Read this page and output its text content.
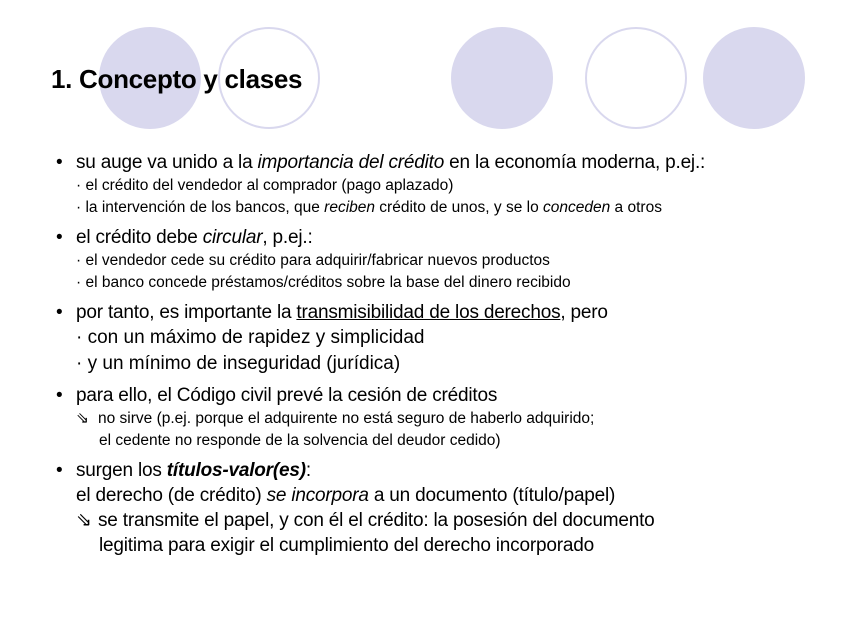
1. Concepto y clases
• su auge va unido a la importancia del crédito en la economía moderna, p.ej.:
· el crédito del vendedor al comprador (pago aplazado)
· la intervención de los bancos, que reciben crédito de unos, y se lo conceden a otros
• el crédito debe circular, p.ej.:
· el vendedor cede su crédito para adquirir/fabricar nuevos productos
· el banco concede préstamos/créditos sobre la base del dinero recibido
• por tanto, es importante la transmisibilidad de los derechos, pero
· con un máximo de rapidez y simplicidad
· y un mínimo de inseguridad (jurídica)
• para ello, el Código civil prevé la cesión de créditos
⇘ no sirve (p.ej. porque el adquirente no está seguro de haberlo adquirido;
el cedente no responde de la solvencia del deudor cedido)
• surgen los títulos-valor(es):
el derecho (de crédito) se incorpora a un documento (título/papel)
⇘ se transmite el papel, y con él el crédito: la posesión del documento
legitima para exigir el cumplimiento del derecho incorporado
